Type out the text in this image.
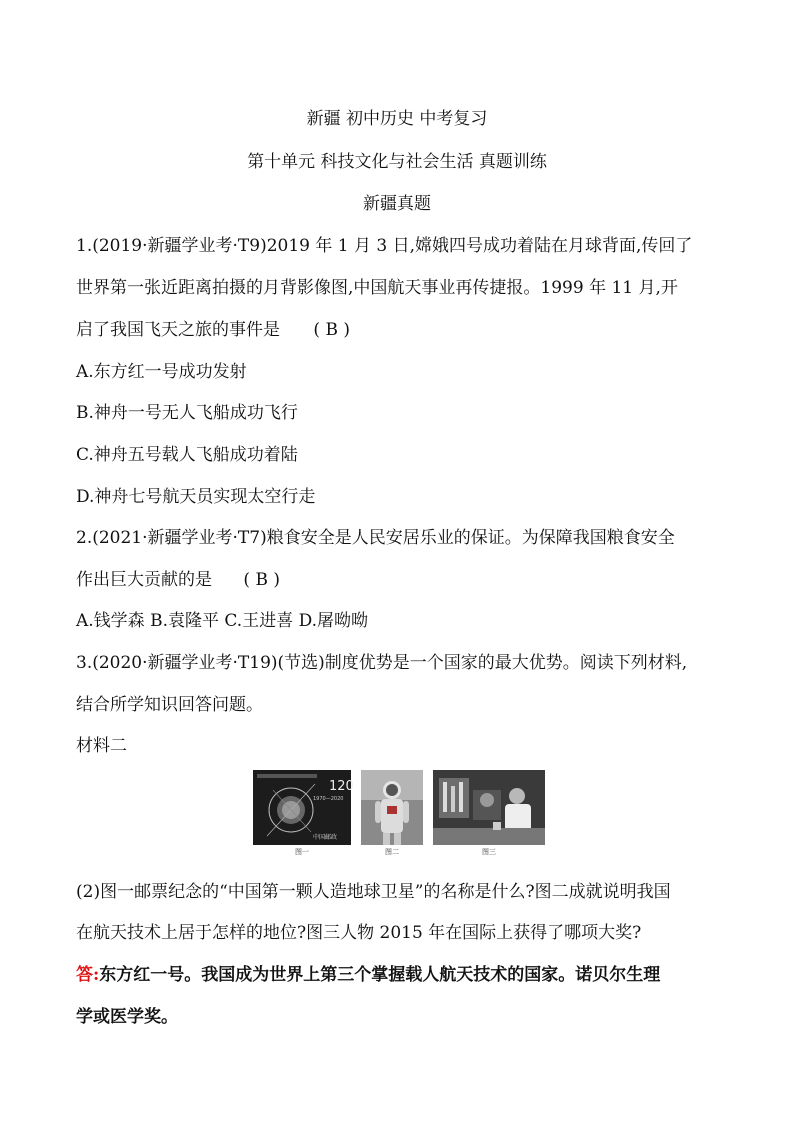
新疆 初中历史 中考复习
第十单元 科技文化与社会生活 真题训练
新疆真题
1.(2019·新疆学业考·T9)2019 年 1 月 3 日,嫦娥四号成功着陆在月球背面,传回了
世界第一张近距离拍摄的月背影像图,中国航天事业再传捷报。1999 年 11 月,开
启了我国飞天之旅的事件是 ( B )
A.东方红一号成功发射
B.神舟一号无人飞船成功飞行
C.神舟五号载人飞船成功着陆
D.神舟七号航天员实现太空行走
2.(2021·新疆学业考·T7)粮食安全是人民安居乐业的保证。为保障我国粮食安全
作出巨大贡献的是 ( B )
A.钱学森 B.袁隆平 C.王进喜 D.屠呦呦
3.(2020·新疆学业考·T19)(节选)制度优势是一个国家的最大优势。阅读下列材料,
结合所学知识回答问题。
材料二
120
1970—2020
中国邮政
图一	图二	图三
(2)图一邮票纪念的“中国第一颗人造地球卫星”的名称是什么?图二成就说明我国
在航天技术上居于怎样的地位?图三人物 2015 年在国际上获得了哪项大奖?
答:东方红一号。我国成为世界上第三个掌握载人航天技术的国家。诺贝尔生理
学或医学奖。
